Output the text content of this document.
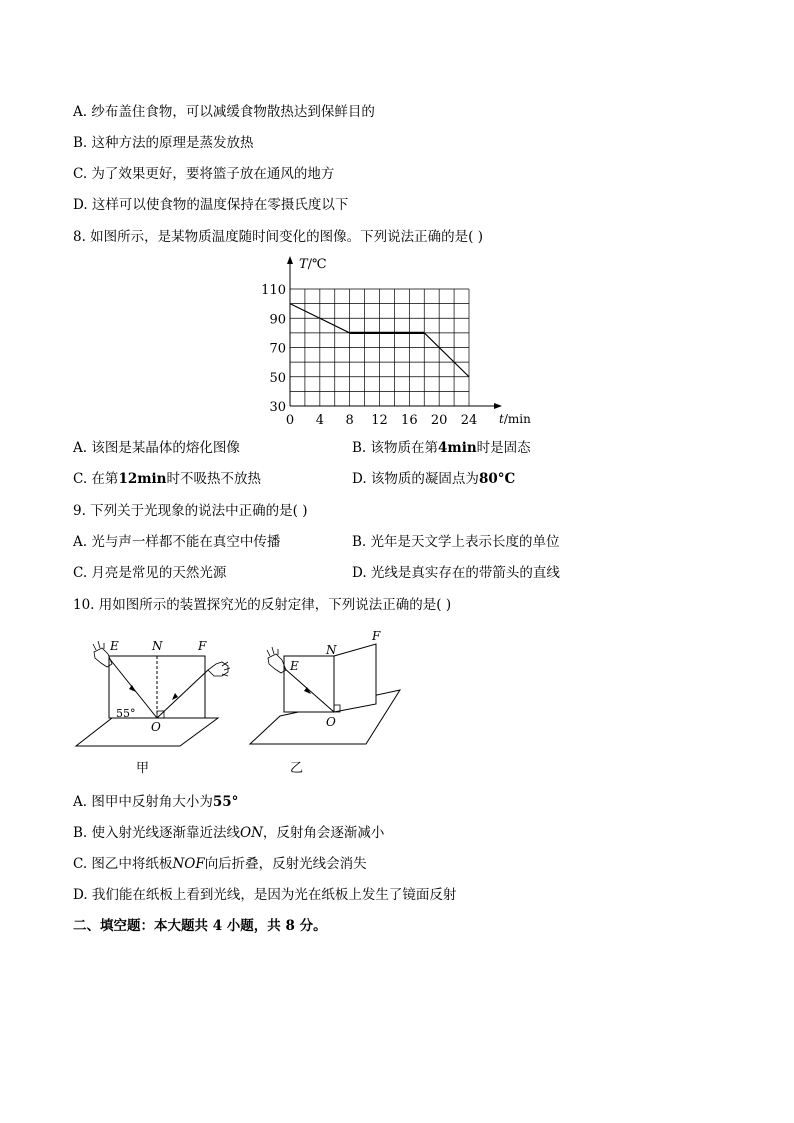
A. 纱布盖住食物，可以减缓食物散热达到保鲜目的
B. 这种方法的原理是蒸发放热
C. 为了效果更好，要将篮子放在通风的地方
D. 这样可以使食物的温度保持在零摄氏度以下
8. 如图所示，是某物质温度随时间变化的图像。下列说法正确的是( )
0 4 8 12 16 20 24
30
50
70
90
110
T/℃
t/min
A. 该图是某晶体的熔化图像	B. 该物质在第4min时是固态
C. 在第12min时不吸热不放热	D. 该物质的凝固点为80°C
9. 下列关于光现象的说法中正确的是( )
A. 光与声一样都不能在真空中传播	B. 光年是天文学上表示长度的单位
C. 月亮是常见的天然光源	D. 光线是真实存在的带箭头的直线
10. 用如图所示的装置探究光的反射定律，下列说法正确的是( )
E	N	F
O
55°
甲
E
N
F
O
乙
A. 图甲中反射角大小为55°
B. 使入射光线逐渐靠近法线ON，反射角会逐渐减小
C. 图乙中将纸板NOF向后折叠，反射光线会消失
D. 我们能在纸板上看到光线，是因为光在纸板上发生了镜面反射
二、填空题：本大题共 4 小题，共 8 分。
